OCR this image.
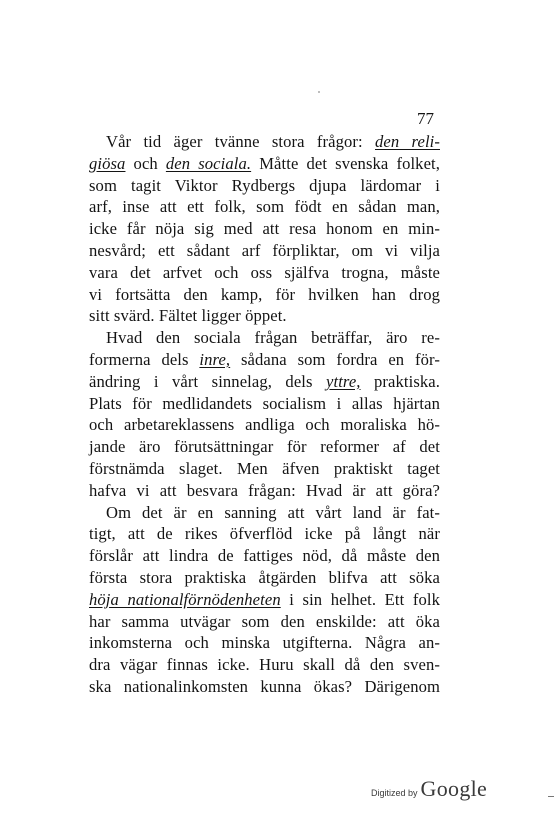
77
Vår tid äger tvänne stora frågor: den reli-
giösa och den sociala. Måtte det svenska folket,
som tagit Viktor Rydbergs djupa lärdomar i
arf, inse att ett folk, som födt en sådan man,
icke får nöja sig med att resa honom en min-
nesvård; ett sådant arf förpliktar, om vi vilja
vara det arfvet och oss själfva trogna, måste
vi fortsätta den kamp, för hvilken han drog
sitt svärd. Fältet ligger öppet.
Hvad den sociala frågan beträffar, äro re-
formerna dels inre, sådana som fordra en för-
ändring i vårt sinnelag, dels yttre, praktiska.
Plats för medlidandets socialism i allas hjärtan
och arbetareklassens andliga och moraliska hö-
jande äro förutsättningar för reformer af det
förstnämda slaget. Men äfven praktiskt taget
hafva vi att besvara frågan: Hvad är att göra?
Om det är en sanning att vårt land är fat-
tigt, att de rikes öfverflöd icke på långt när
förslår att lindra de fattiges nöd, då måste den
första stora praktiska åtgärden blifva att söka
höja nationalförnödenheten i sin helhet. Ett folk
har samma utvägar som den enskilde: att öka
inkomsterna och minska utgifterna. Några an-
dra vägar finnas icke. Huru skall då den sven-
ska nationalinkomsten kunna ökas? Därigenom
Digitized by Google
